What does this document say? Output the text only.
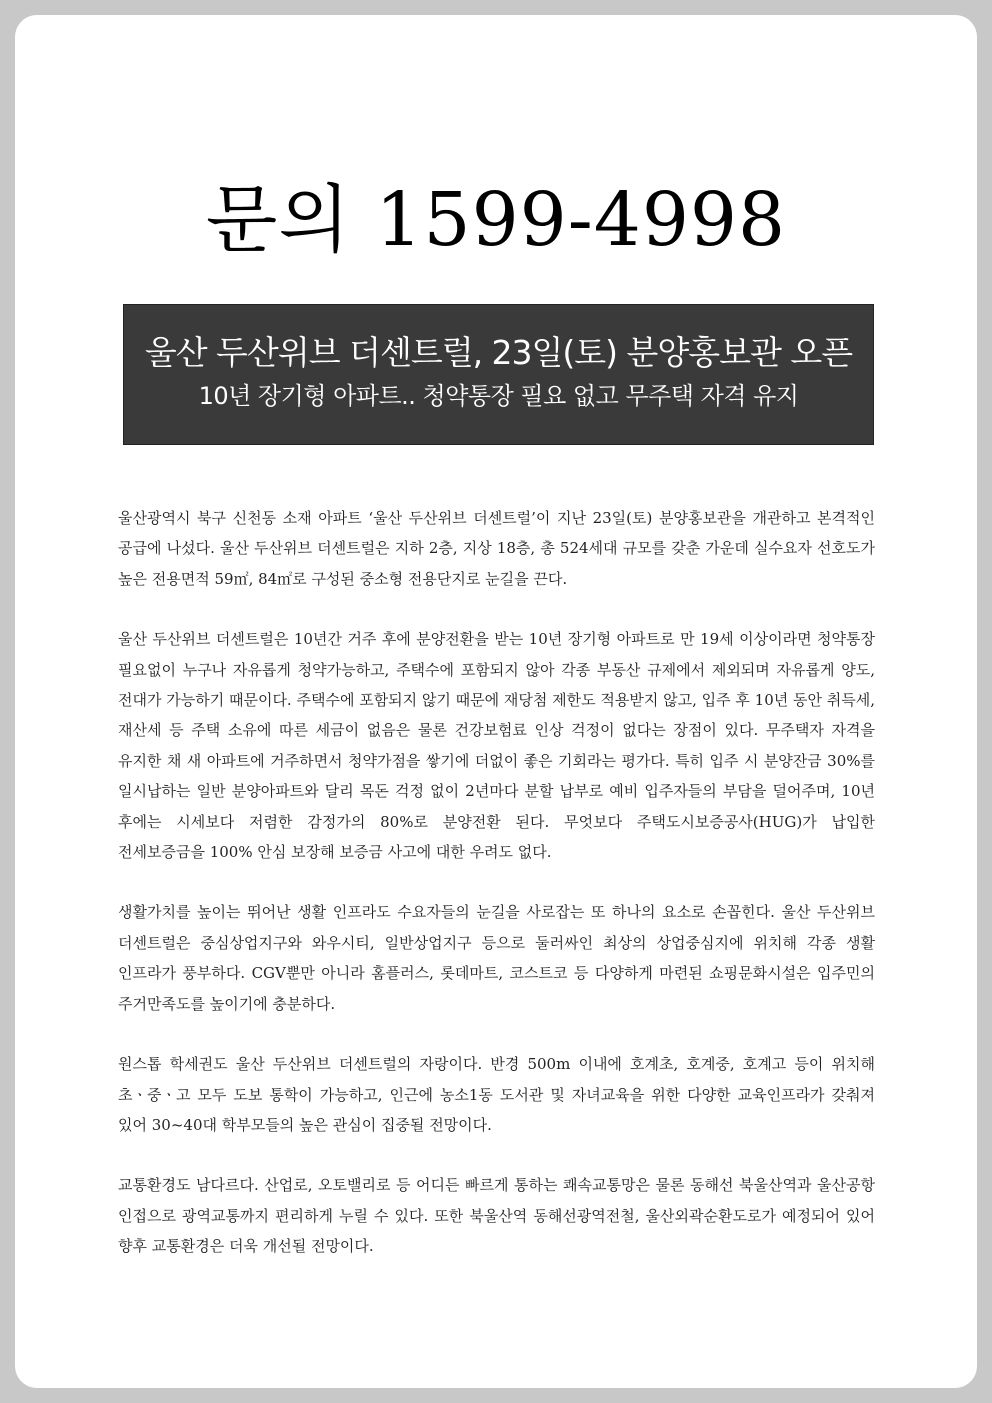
문의 1599-4998
울산 두산위브 더센트럴, 23일(토) 분양홍보관 오픈
10년 장기형 아파트.. 청약통장 필요 없고 무주택 자격 유지

울산광역시 북구 신천동 소재 아파트 ‘울산 두산위브 더센트럴’이 지난 23일(토) 분양홍보관을 개관하고 본격적인 공급에 나섰다. 울산 두산위브 더센트럴은 지하 2층, 지상 18층, 총 524세대 규모를 갖춘 가운데 실수요자 선호도가 높은 전용면적 59㎡, 84㎡로 구성된 중소형 전용단지로 눈길을 끈다.

울산 두산위브 더센트럴은 10년간 거주 후에 분양전환을 받는 10년 장기형 아파트로 만 19세 이상이라면 청약통장 필요없이 누구나 자유롭게 청약가능하고, 주택수에 포함되지 않아 각종 부동산 규제에서 제외되며 자유롭게 양도, 전대가 가능하기 때문이다. 주택수에 포함되지 않기 때문에 재당첨 제한도 적용받지 않고, 입주 후 10년 동안 취득세, 재산세 등 주택 소유에 따른 세금이 없음은 물론 건강보험료 인상 걱정이 없다는 장점이 있다. 무주택자 자격을 유지한 채 새 아파트에 거주하면서 청약가점을 쌓기에 더없이 좋은 기회라는 평가다. 특히 입주 시 분양잔금 30%를 일시납하는 일반 분양아파트와 달리 목돈 걱정 없이 2년마다 분할 납부로 예비 입주자들의 부담을 덜어주며, 10년 후에는 시세보다 저렴한 감정가의 80%로 분양전환 된다. 무엇보다 주택도시보증공사(HUG)가 납입한 전세보증금을 100% 안심 보장해 보증금 사고에 대한 우려도 없다.

생활가치를 높이는 뛰어난 생활 인프라도 수요자들의 눈길을 사로잡는 또 하나의 요소로 손꼽힌다. 울산 두산위브 더센트럴은 중심상업지구와 와우시티, 일반상업지구 등으로 둘러싸인 최상의 상업중심지에 위치해 각종 생활 인프라가 풍부하다. CGV뿐만 아니라 홈플러스, 롯데마트, 코스트코 등 다양하게 마련된 쇼핑문화시설은 입주민의 주거만족도를 높이기에 충분하다.

원스톱 학세권도 울산 두산위브 더센트럴의 자랑이다. 반경 500m 이내에 호계초, 호계중, 호계고 등이 위치해 초ㆍ중ㆍ고 모두 도보 통학이 가능하고, 인근에 농소1동 도서관 및 자녀교육을 위한 다양한 교육인프라가 갖춰져 있어 30~40대 학부모들의 높은 관심이 집중될 전망이다.

교통환경도 남다르다. 산업로, 오토밸리로 등 어디든 빠르게 통하는 쾌속교통망은 물론 동해선 북울산역과 울산공항 인접으로 광역교통까지 편리하게 누릴 수 있다. 또한 북울산역 동해선광역전철, 울산외곽순환도로가 예정되어 있어 향후 교통환경은 더욱 개선될 전망이다.
